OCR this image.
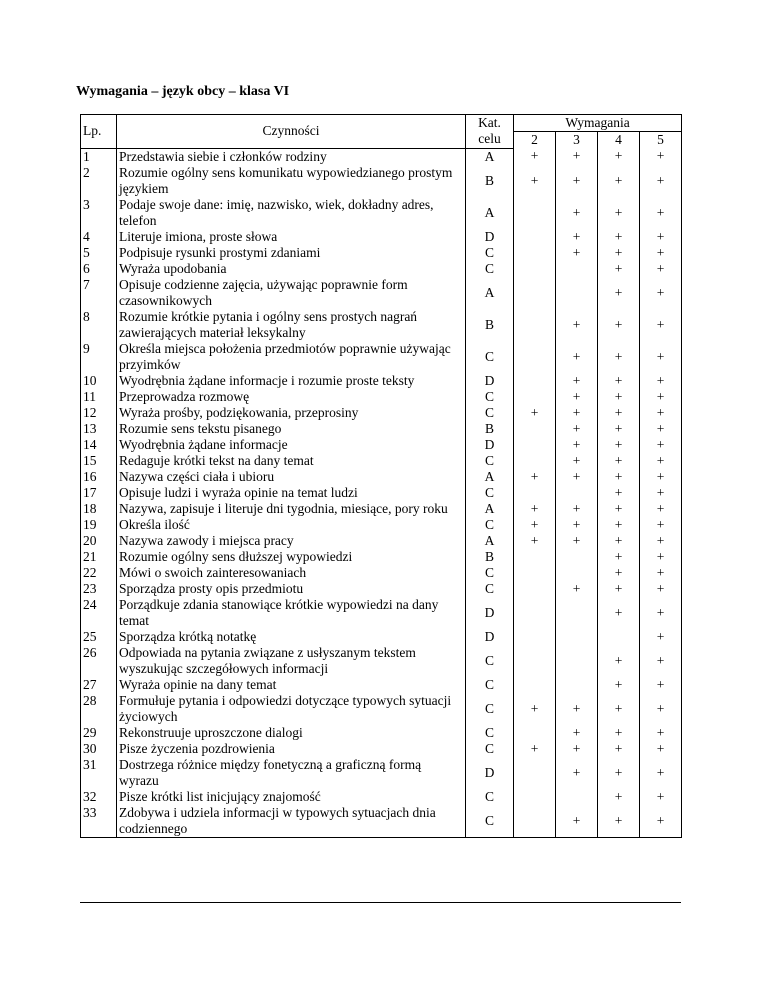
Wymagania – język obcy – klasa VI
Lp.	Czynności	Kat.
celu	Wymagania			
			2	3	4	5
1	Przedstawia siebie i członków rodziny	A	+	+	+	+
2	Rozumie ogólny sens komunikatu wypowiedzianego prostym językiem	B	+	+	+	+
3	Podaje swoje dane: imię, nazwisko, wiek, dokładny adres, telefon	A		+	+	+
4	Literuje imiona, proste słowa	D		+	+	+
5	Podpisuje rysunki prostymi zdaniami	C		+	+	+
6	Wyraża upodobania	C			+	+
7	Opisuje codzienne zajęcia, używając poprawnie form czasownikowych	A			+	+
8	Rozumie krótkie pytania i ogólny sens prostych nagrań zawierających materiał leksykalny	B		+	+	+
9	Określa miejsca położenia przedmiotów poprawnie używając przyimków	C		+	+	+
10	Wyodrębnia żądane informacje i rozumie proste teksty	D		+	+	+
11	Przeprowadza rozmowę	C		+	+	+
12	Wyraża prośby, podziękowania, przeprosiny	C	+	+	+	+
13	Rozumie sens tekstu pisanego	B		+	+	+
14	Wyodrębnia żądane informacje	D		+	+	+
15	Redaguje krótki tekst na dany temat	C		+	+	+
16	Nazywa części ciała i ubioru	A	+	+	+	+
17	Opisuje ludzi i wyraża opinie na temat ludzi	C			+	+
18	Nazywa, zapisuje i literuje dni tygodnia, miesiące, pory roku	A	+	+	+	+
19	Określa ilość	C	+	+	+	+
20	Nazywa zawody i miejsca pracy	A	+	+	+	+
21	Rozumie ogólny sens dłuższej wypowiedzi	B			+	+
22	Mówi o swoich zainteresowaniach	C			+	+
23	Sporządza prosty opis przedmiotu	C		+	+	+
24	Porządkuje zdania stanowiące krótkie wypowiedzi na dany temat	D			+	+
25	Sporządza krótką notatkę	D				+
26	Odpowiada na pytania związane z usłyszanym tekstem wyszukując szczegółowych informacji	C			+	+
27	Wyraża opinie na dany temat	C			+	+
28	Formułuje pytania i odpowiedzi dotyczące typowych sytuacji życiowych	C	+	+	+	+
29	Rekonstruuje uproszczone dialogi	C		+	+	+
30	Pisze życzenia pozdrowienia	C	+	+	+	+
31	Dostrzega różnice między fonetyczną a graficzną formą wyrazu	D		+	+	+
32	Pisze krótki list inicjujący znajomość	C			+	+
33	Zdobywa i udziela informacji w typowych sytuacjach dnia codziennego	C		+	+	+
